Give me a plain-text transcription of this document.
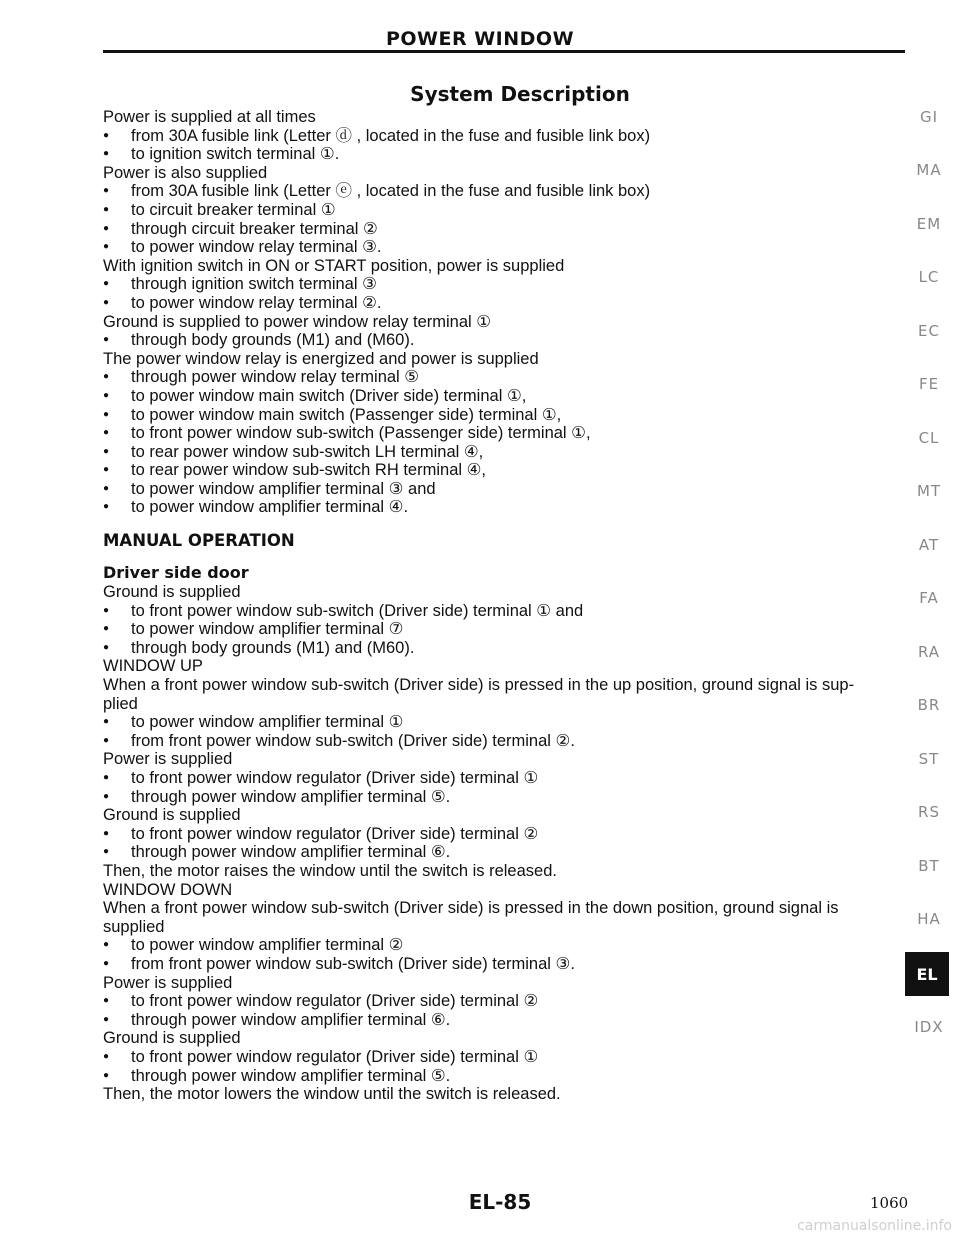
POWER WINDOW
System Description
Power is supplied at all times
● from 30A fusible link (Letter ⓓ , located in the fuse and fusible link box)
● to ignition switch terminal ①.
Power is also supplied
● from 30A fusible link (Letter ⓔ , located in the fuse and fusible link box)
● to circuit breaker terminal ①
● through circuit breaker terminal ②
● to power window relay terminal ③.
With ignition switch in ON or START position, power is supplied
● through ignition switch terminal ③
● to power window relay terminal ②.
Ground is supplied to power window relay terminal ①
● through body grounds (M1) and (M60).
The power window relay is energized and power is supplied
● through power window relay terminal ⑤
● to power window main switch (Driver side) terminal ①,
● to power window main switch (Passenger side) terminal ①,
● to front power window sub-switch (Passenger side) terminal ①,
● to rear power window sub-switch LH terminal ④,
● to rear power window sub-switch RH terminal ④,
● to power window amplifier terminal ③ and
● to power window amplifier terminal ④.
MANUAL OPERATION
Driver side door
Ground is supplied
● to front power window sub-switch (Driver side) terminal ① and
● to power window amplifier terminal ⑦
● through body grounds (M1) and (M60).
WINDOW UP
When a front power window sub-switch (Driver side) is pressed in the up position, ground signal is sup-
plied
● to power window amplifier terminal ①
● from front power window sub-switch (Driver side) terminal ②.
Power is supplied
● to front power window regulator (Driver side) terminal ①
● through power window amplifier terminal ⑤.
Ground is supplied
● to front power window regulator (Driver side) terminal ②
● through power window amplifier terminal ⑥.
Then, the motor raises the window until the switch is released.
WINDOW DOWN
When a front power window sub-switch (Driver side) is pressed in the down position, ground signal is
supplied
● to power window amplifier terminal ②
● from front power window sub-switch (Driver side) terminal ③.
Power is supplied
● to front power window regulator (Driver side) terminal ②
● through power window amplifier terminal ⑥.
Ground is supplied
● to front power window regulator (Driver side) terminal ①
● through power window amplifier terminal ⑤.
Then, the motor lowers the window until the switch is released.
GI
MA
EM
LC
EC
FE
CL
MT
AT
FA
RA
BR
ST
RS
BT
HA
EL
IDX
EL-85	1060
carmanualsonline.info
